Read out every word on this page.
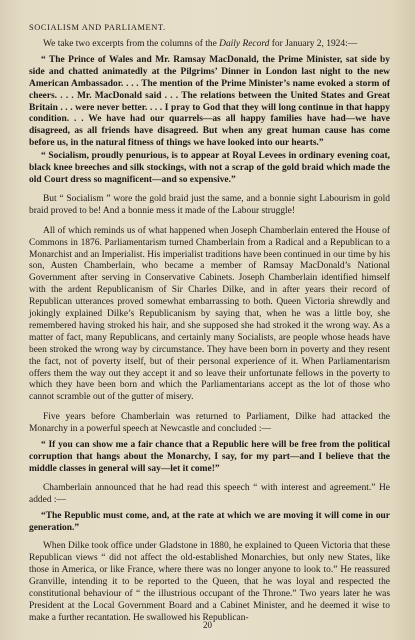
SOCIALISM AND PARLIAMENT.

We take two excerpts from the columns of the Daily Record for January 2, 1924:—

“ The Prince of Wales and Mr. Ramsay MacDonald, the Prime Minister, sat side by side and chatted animatedly at the Pilgrims’ Dinner in London last night to the new American Ambassador. . . . The mention of the Prime Minister’s name evoked a storm of cheers. . . . Mr. MacDonald said . . . The relations between the United States and Great Britain . . . were never better. . . . I pray to God that they will long continue in that happy condition. . . We have had our quarrels—as all happy families have had—we have disagreed, as all friends have disagreed. But when any great human cause has come before us, in the natural fitness of things we have looked into our hearts.”

“ Socialism, proudly penurious, is to appear at Royal Levees in ordinary evening coat, black knee breeches and silk stockings, with not a scrap of the gold braid which made the old Court dress so magnificent—and so expensive.”

But “ Socialism ” wore the gold braid just the same, and a bonnie sight Labourism in gold braid proved to be! And a bonnie mess it made of the Labour struggle!

All of which reminds us of what happened when Joseph Chamberlain entered the House of Commons in 1876. Parliamentarism turned Chamberlain from a Radical and a Republican to a Monarchist and an Imperialist. His imperialist traditions have been continued in our time by his son, Austen Chamberlain, who became a member of Ramsay MacDonald’s National Government after serving in Conservative Cabinets. Joseph Chamberlain identified himself with the ardent Republicanism of Sir Charles Dilke, and in after years their record of Republican utterances proved somewhat embarrassing to both. Queen Victoria shrewdly and jokingly explained Dilke’s Republicanism by saying that, when he was a little boy, she remembered having stroked his hair, and she supposed she had stroked it the wrong way. As a matter of fact, many Republicans, and certainly many Socialists, are people whose heads have been stroked the wrong way by circumstance. They have been born in poverty and they resent the fact, not of poverty itself, but of their personal experience of it. When Parliamentarism offers them the way out they accept it and so leave their unfortunate fellows in the poverty to which they have been born and which the Parliamentarians accept as the lot of those who cannot scramble out of the gutter of misery.

Five years before Chamberlain was returned to Parliament, Dilke had attacked the Monarchy in a powerful speech at Newcastle and concluded :—

“ If you can show me a fair chance that a Republic here will be free from the political corruption that hangs about the Monarchy, I say, for my part—and I believe that the middle classes in general will say—let it come!”

Chamberlain announced that he had read this speech “ with interest and agreement.” He added :—

“The Republic must come, and, at the rate at which we are moving it will come in our generation.”

When Dilke took office under Gladstone in 1880, he explained to Queen Victoria that these Republican views “ did not affect the old-established Monarchies, but only new States, like those in America, or like France, where there was no longer anyone to look to.” He reassured Granville, intending it to be reported to the Queen, that he was loyal and respected the constitutional behaviour of “ the illustrious occupant of the Throne.” Two years later he was President at the Local Government Board and a Cabinet Minister, and he deemed it wise to make a further recantation. He swallowed his Republican-

20
